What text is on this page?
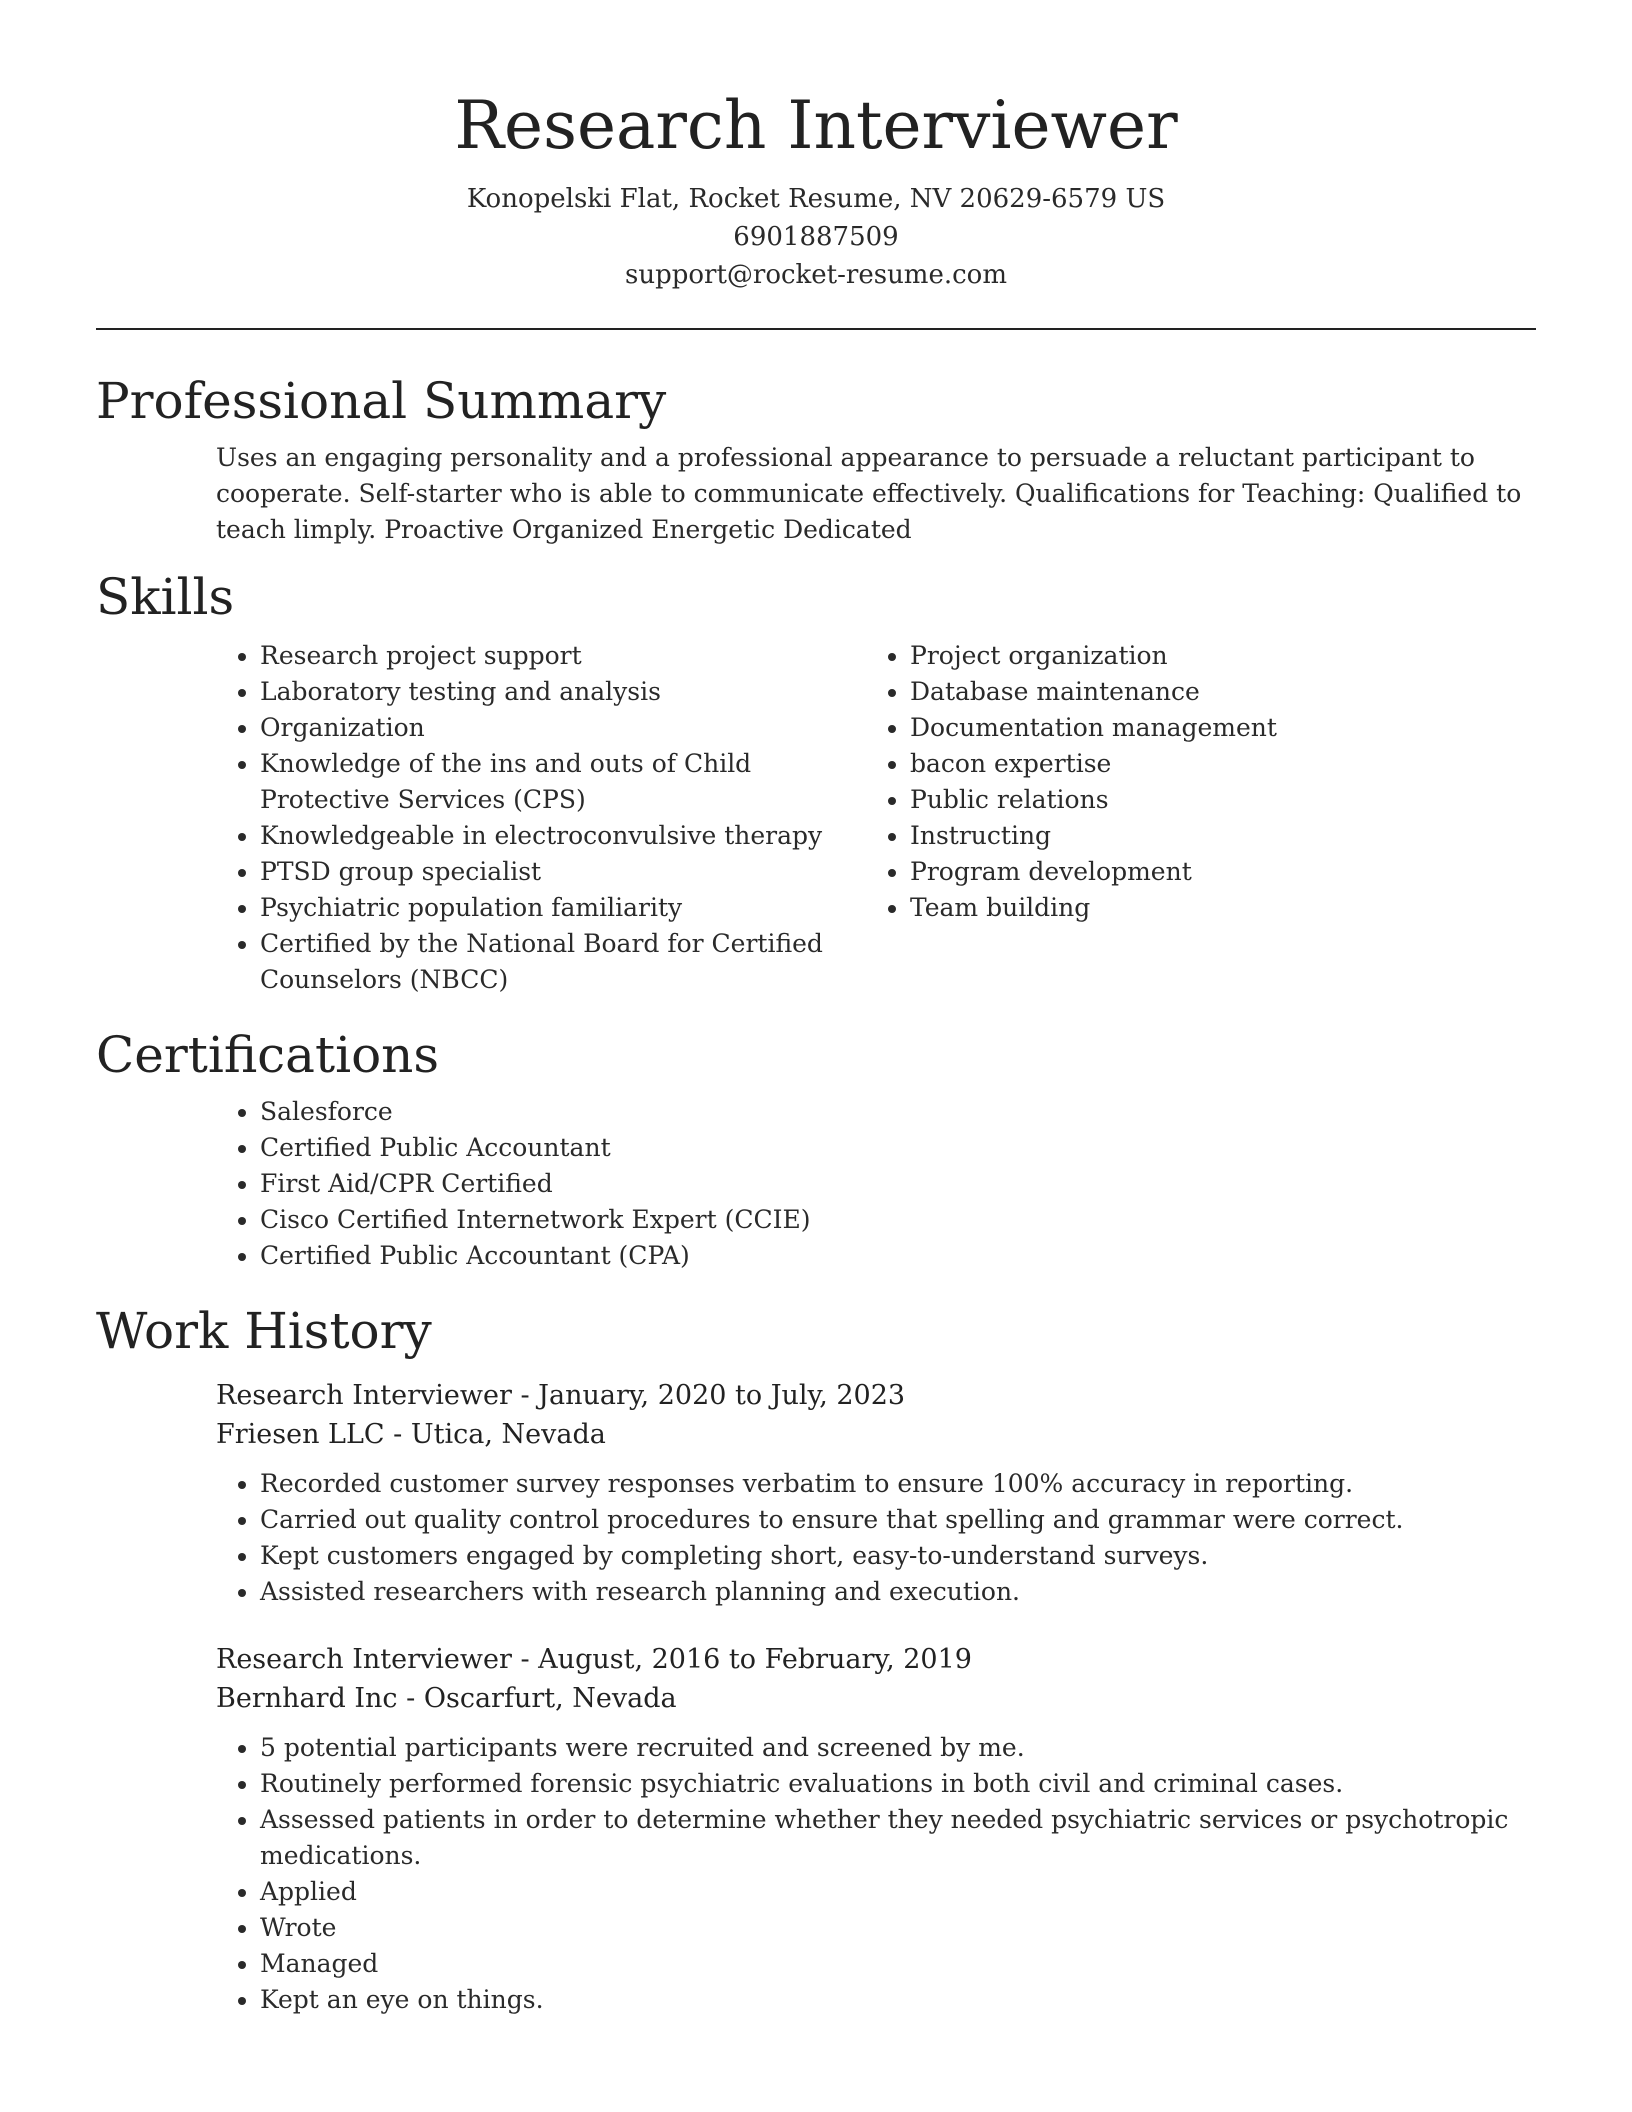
Research Interviewer
Konopelski Flat, Rocket Resume, NV 20629-6579 US
6901887509
support@rocket-resume.com
Professional Summary

Uses an engaging personality and a professional appearance to persuade a reluctant participant to cooperate. Self-starter who is able to communicate effectively. Qualifications for Teaching: Qualified to teach limply. Proactive Organized Energetic Dedicated

Skills
• Research project support
• Laboratory testing and analysis
• Organization
• Knowledge of the ins and outs of Child Protective Services (CPS)
• Knowledgeable in electroconvulsive therapy
• PTSD group specialist
• Psychiatric population familiarity
• Certified by the National Board for Certified Counselors (NBCC)
• Project organization
• Database maintenance
• Documentation management
• bacon expertise
• Public relations
• Instructing
• Program development
• Team building
Certifications
• Salesforce
• Certified Public Accountant
• First Aid/CPR Certified
• Cisco Certified Internetwork Expert (CCIE)
• Certified Public Accountant (CPA)
Work History
Research Interviewer - January, 2020 to July, 2023
Friesen LLC - Utica, Nevada
• Recorded customer survey responses verbatim to ensure 100% accuracy in reporting.
• Carried out quality control procedures to ensure that spelling and grammar were correct.
• Kept customers engaged by completing short, easy-to-understand surveys.
• Assisted researchers with research planning and execution.
Research Interviewer - August, 2016 to February, 2019
Bernhard Inc - Oscarfurt, Nevada
• 5 potential participants were recruited and screened by me.
• Routinely performed forensic psychiatric evaluations in both civil and criminal cases.
• Assessed patients in order to determine whether they needed psychiatric services or psychotropic medications.
• Applied
• Wrote
• Managed
• Kept an eye on things.
